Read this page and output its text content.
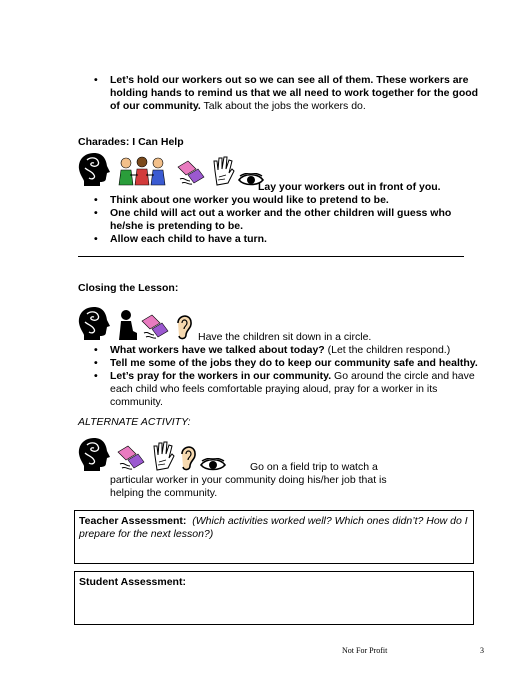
• Let’s hold our workers out so we can see all of them. These workers are holding hands to remind us that we all need to work together for the good of our community. Talk about the jobs the workers do.
Charades: I Can Help
Lay your workers out in front of you.
• Think about one worker you would like to pretend to be.
• One child will act out a worker and the other children will guess who he/she is pretending to be.
• Allow each child to have a turn.
Closing the Lesson:
Have the children sit down in a circle.
• What workers have we talked about today? (Let the children respond.)
• Tell me some of the jobs they do to keep our community safe and healthy.
• Let’s pray for the workers in our community. Go around the circle and have each child who feels comfortable praying aloud, pray for a worker in its community.
ALTERNATE ACTIVITY:
Go on a field trip to watch a particular worker in your community doing his/her job that is helping the community.
Teacher Assessment: (Which activities worked well? Which ones didn’t? How do I prepare for the next lesson?)
Student Assessment:
Not For Profit	3
